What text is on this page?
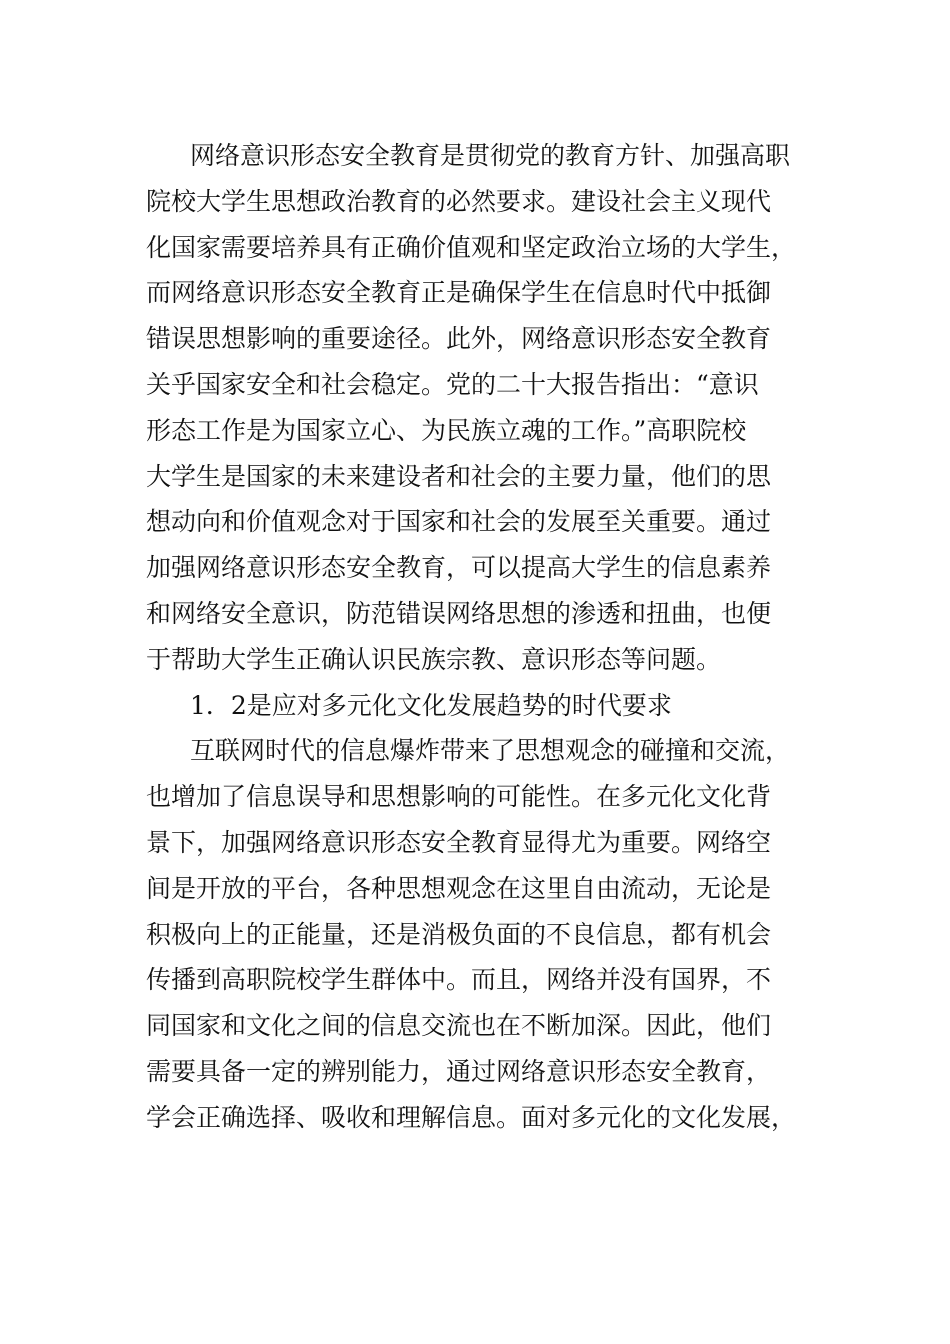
网络意识形态安全教育是贯彻党的教育方针、加强高职
院校大学生思想政治教育的必然要求。建设社会主义现代
化国家需要培养具有正确价值观和坚定政治立场的大学生，
而网络意识形态安全教育正是确保学生在信息时代中抵御
错误思想影响的重要途径。此外，网络意识形态安全教育
关乎国家安全和社会稳定。党的二十大报告指出：“意识
形态工作是为国家立心、为民族立魂的工作。”高职院校
大学生是国家的未来建设者和社会的主要力量，他们的思
想动向和价值观念对于国家和社会的发展至关重要。通过
加强网络意识形态安全教育，可以提高大学生的信息素养
和网络安全意识，防范错误网络思想的渗透和扭曲，也便
于帮助大学生正确认识民族宗教、意识形态等问题。
1．2是应对多元化文化发展趋势的时代要求
互联网时代的信息爆炸带来了思想观念的碰撞和交流，
也增加了信息误导和思想影响的可能性。在多元化文化背
景下，加强网络意识形态安全教育显得尤为重要。网络空
间是开放的平台，各种思想观念在这里自由流动，无论是
积极向上的正能量，还是消极负面的不良信息，都有机会
传播到高职院校学生群体中。而且，网络并没有国界，不
同国家和文化之间的信息交流也在不断加深。因此，他们
需要具备一定的辨别能力，通过网络意识形态安全教育，
学会正确选择、吸收和理解信息。面对多元化的文化发展，
